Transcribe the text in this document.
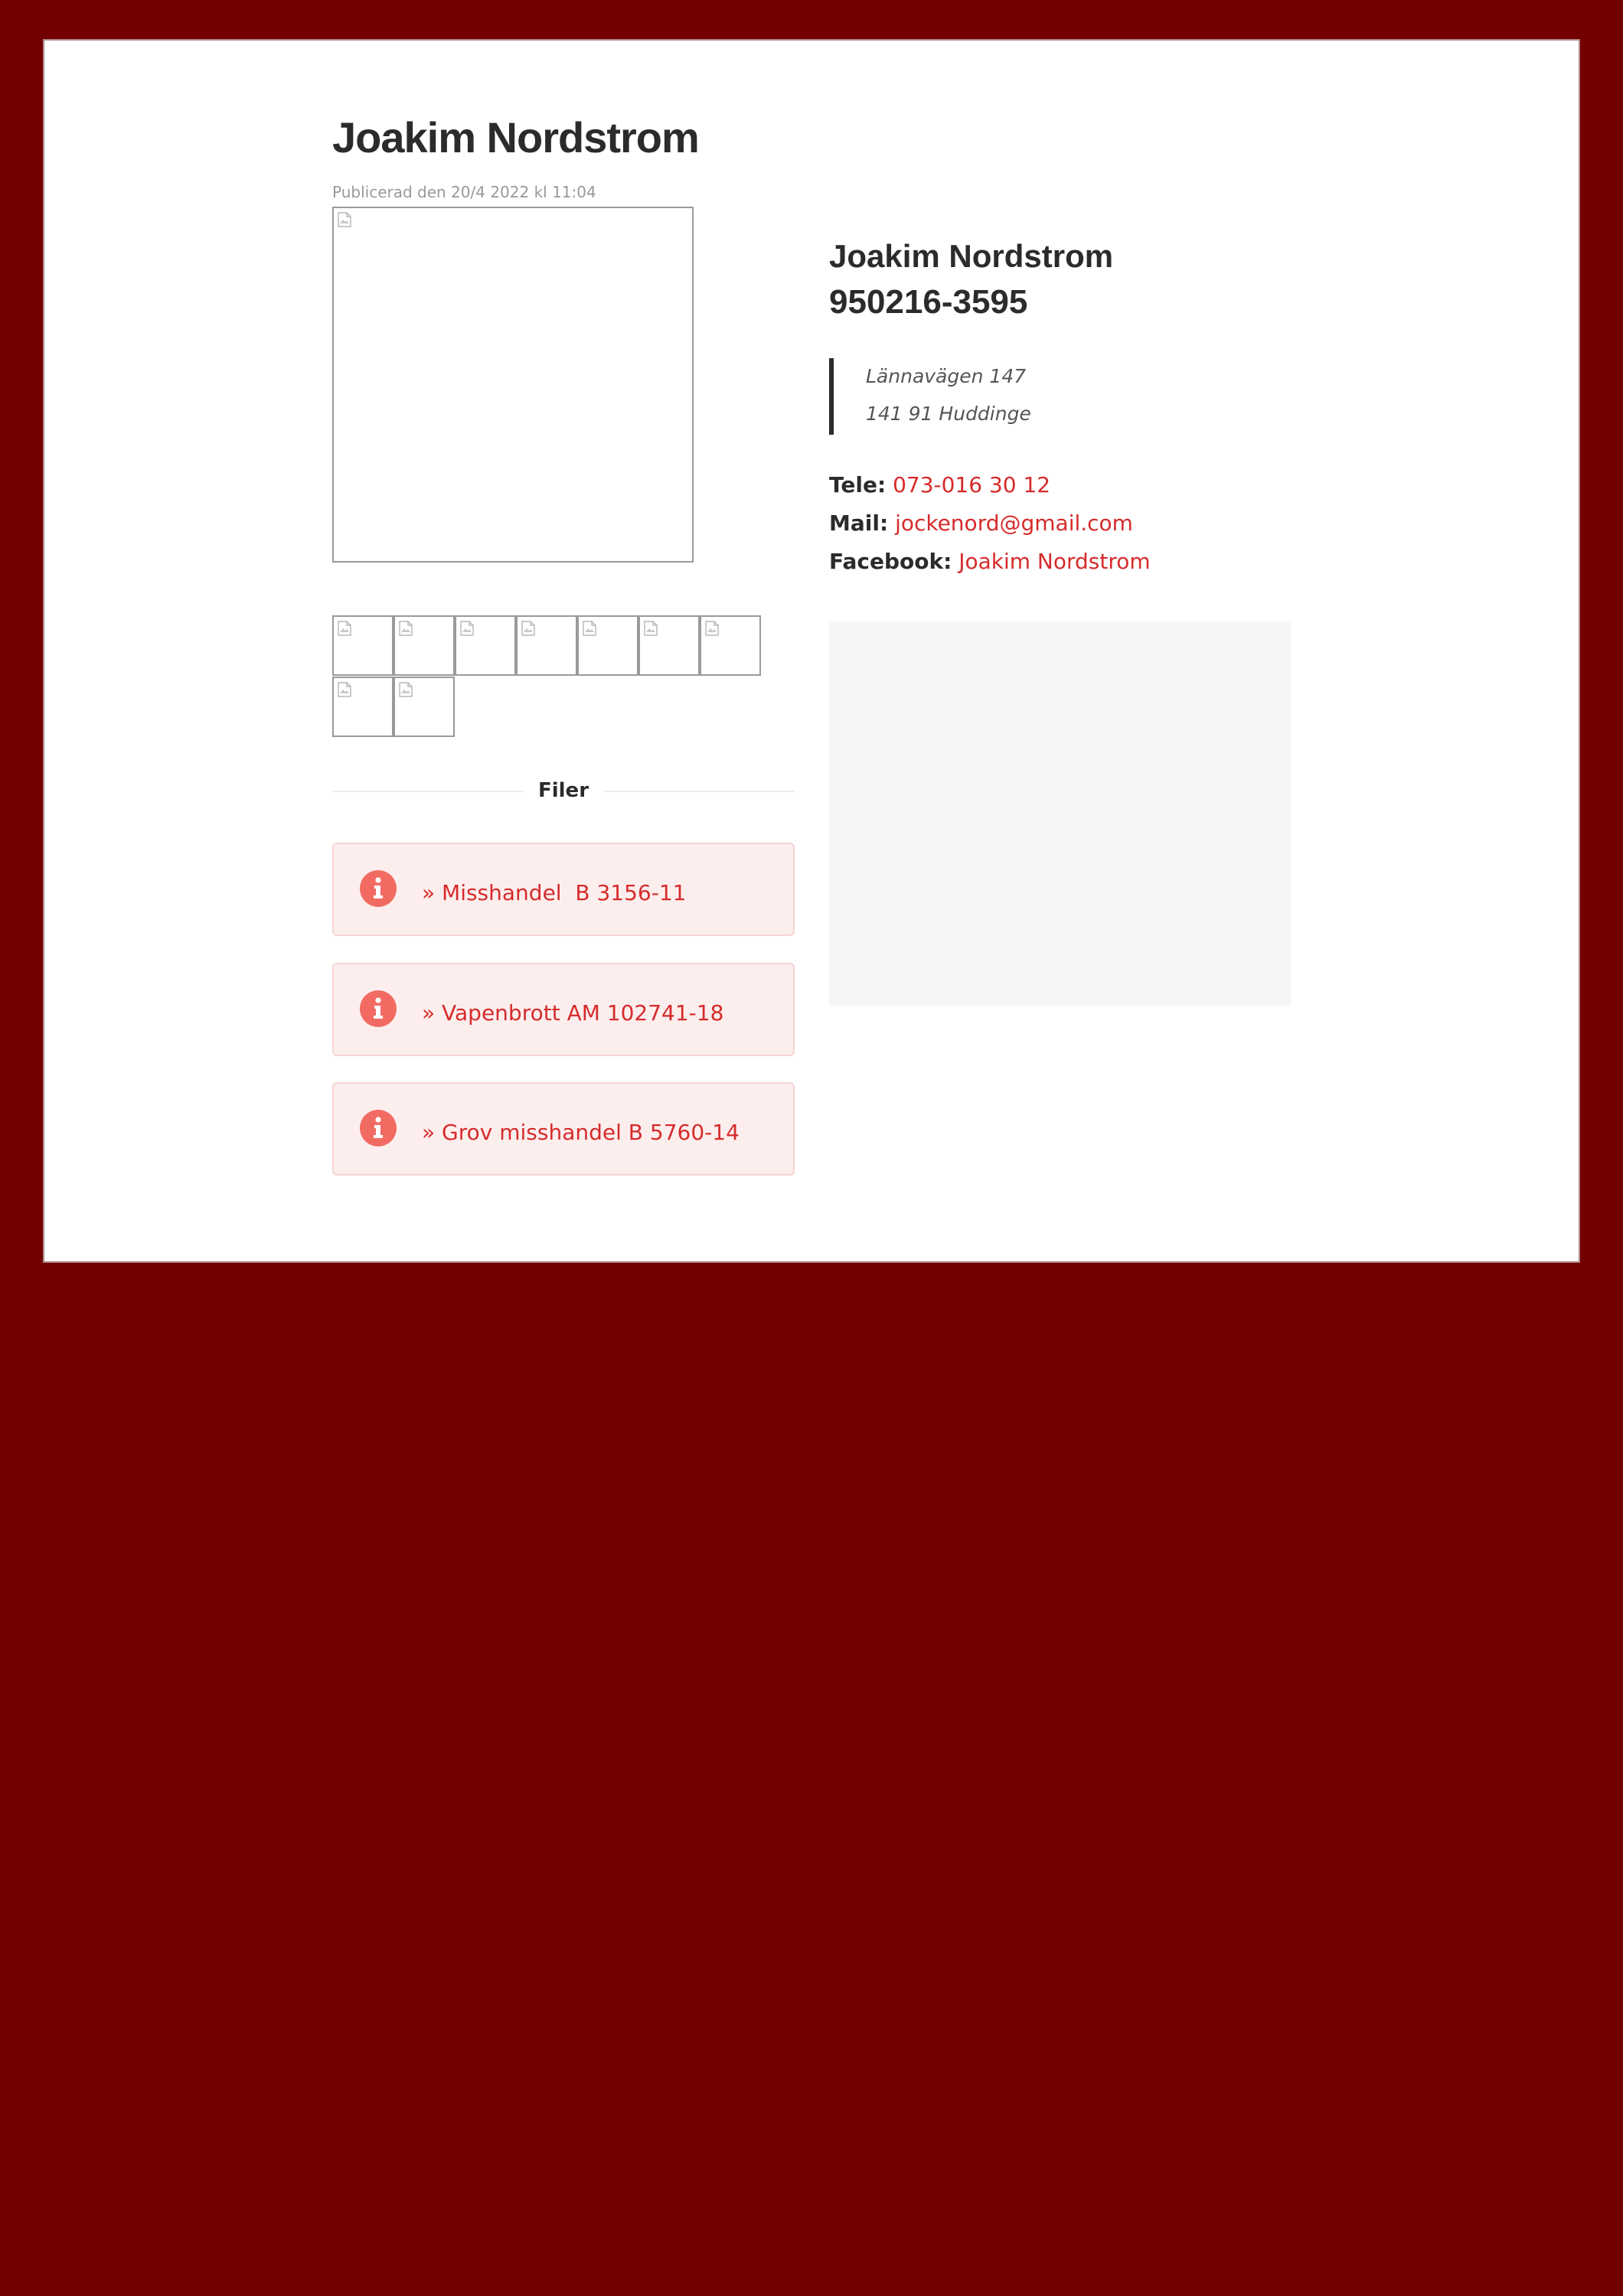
Joakim Nordstrom
Publicerad den 20/4 2022 kl 11:04
Filer
» Misshandel  B 3156-11
» Vapenbrott AM 102741-18
» Grov misshandel B 5760-14
Joakim Nordstrom
950216-3595
Lännavägen 147
141 91 Huddinge
Tele: 073-016 30 12
Mail: jockenord@gmail.com
Facebook: Joakim Nordstrom
